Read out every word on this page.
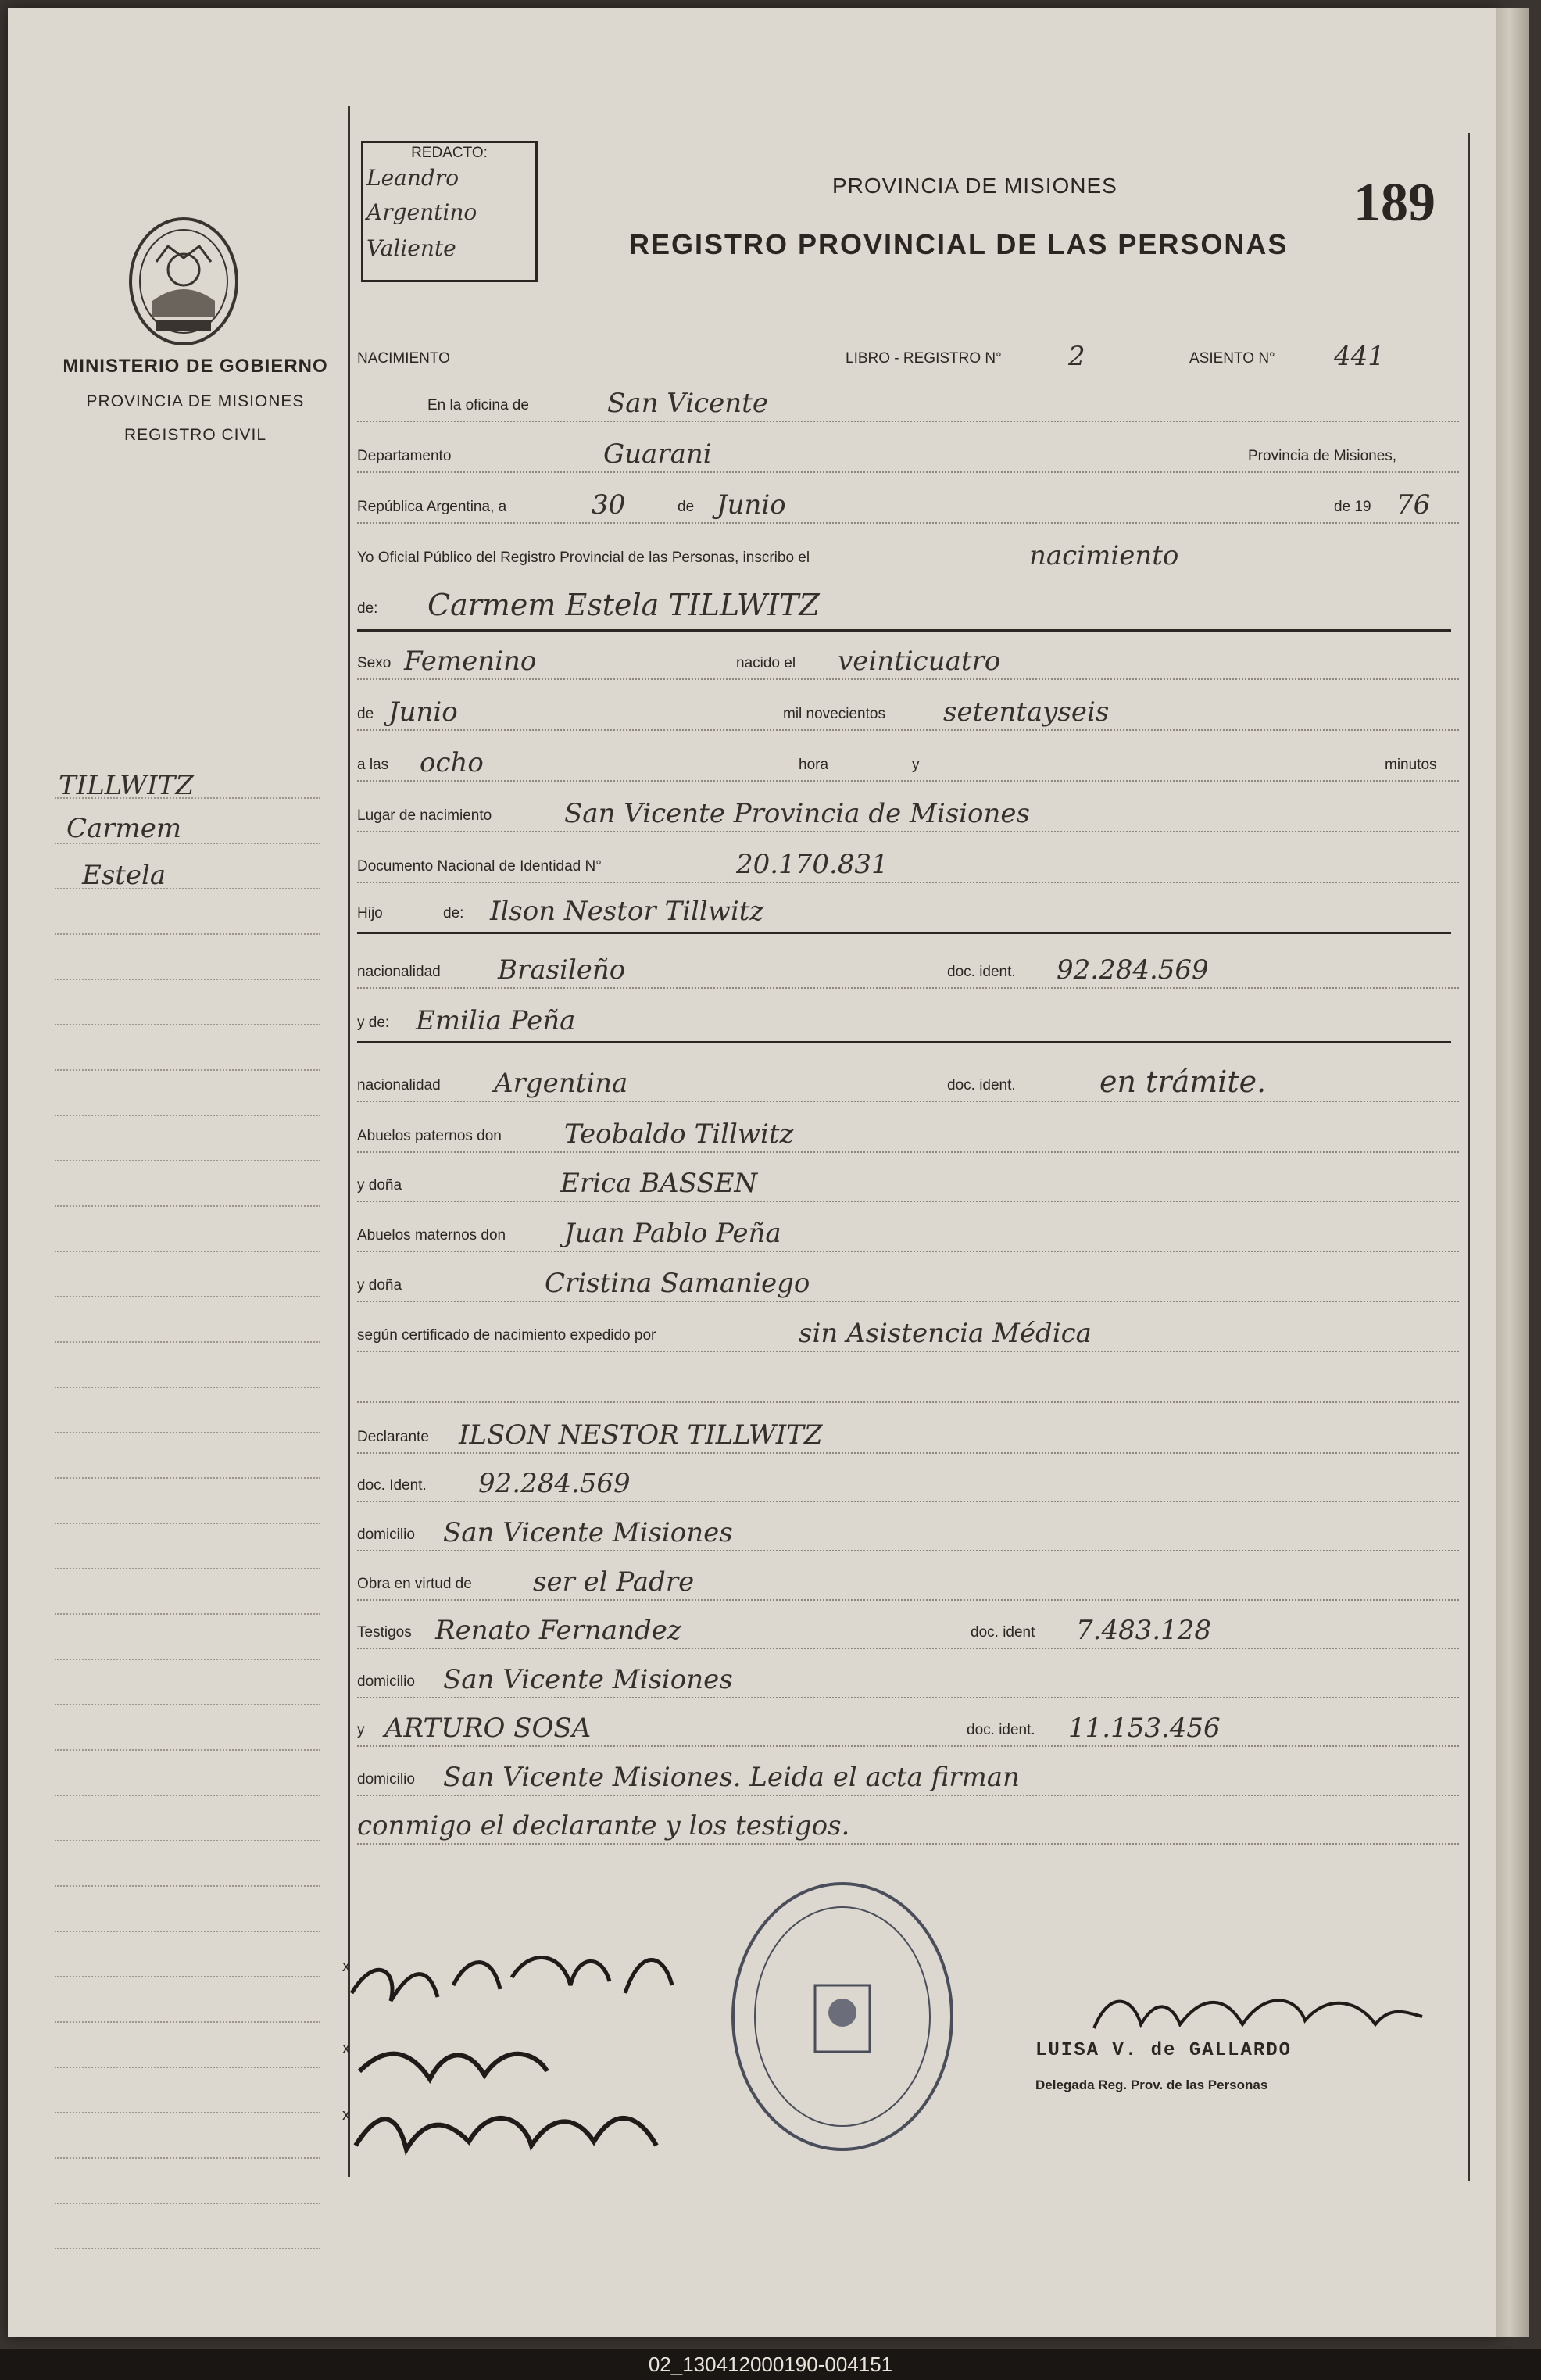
MINISTERIO DE GOBIERNO
PROVINCIA DE MISIONES
REGISTRO CIVIL
TILLWITZ
Carmem
Estela
REDACTO:
Leandro
Argentino
Valiente
PROVINCIA DE MISIONES
REGISTRO PROVINCIAL DE LAS PERSONAS
189
NACIMIENTO	LIBRO - REGISTRO N°	2	ASIENTO N° 441
En la oficina de	San Vicente
Departamento	Guarani	Provincia de Misiones,
República Argentina, a	30	de Junio	de 19 76
Yo Oficial Público del Registro Provincial de las Personas, inscribo el	nacimiento
de: Carmem Estela TILLWITZ
Sexo Femenino	nacido el veinticuatro
de Junio	mil novecientos setentayseis
a las ocho	hora	y	minutos
Lugar de nacimiento	San Vicente Provincia de Misiones
Documento Nacional de Identidad N°	20.170.831
Hijo	de: Ilson Nestor Tillwitz
nacionalidad Brasileño	doc. ident. 92.284.569
y de: Emilia Peña
nacionalidad Argentina	doc. ident.	en trámite.
Abuelos paternos don Teobaldo Tillwitz
y doña	Erica BASSEN
Abuelos maternos don Juan Pablo Peña
y doña	Cristina Samaniego
según certificado de nacimiento expedido por	sin Asistencia Médica
Declarante ILSON NESTOR TILLWITZ
doc. Ident. 92.284.569
domicilio San Vicente Misiones
Obra en virtud de ser el Padre
Testigos Renato Fernandez	doc. ident 7.483.128
domicilio San Vicente Misiones
y ARTURO SOSA	doc. ident. 11.153.456
domicilio San Vicente Misiones. Leida el acta firman
conmigo el declarante y los testigos.
x
x
x
LUISA V. de GALLARDO
Delegada Reg. Prov. de las Personas
02_130412000190-004151
